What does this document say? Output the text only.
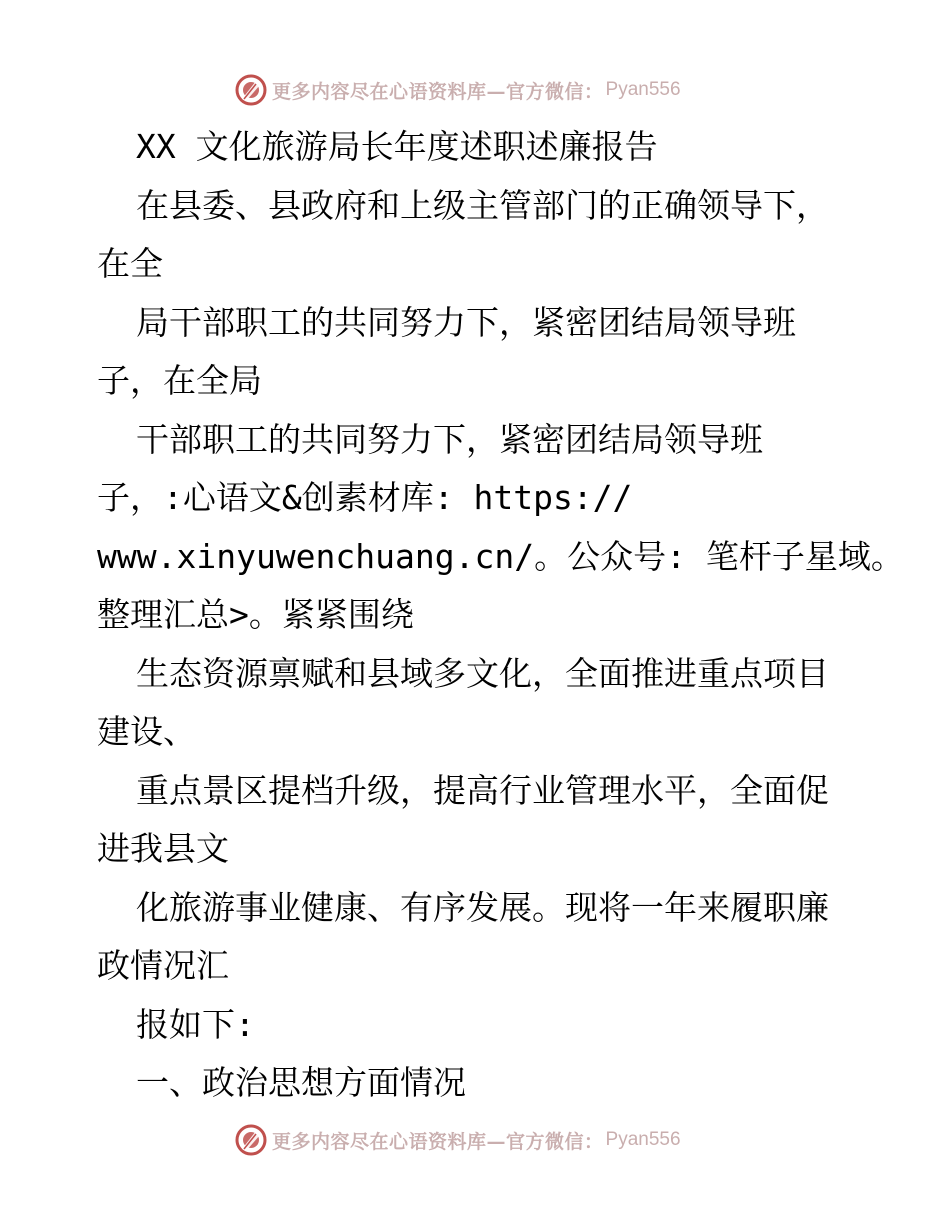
更多内容尽在心语资料库—官方微信： Pyan556
XX 文化旅游局长年度述职述廉报告
在县委、县政府和上级主管部门的正确领导下，
在全
局干部职工的共同努力下，紧密团结局领导班
子，在全局
干部职工的共同努力下，紧密团结局领导班
子，:心语文&创素材库: https://
www.xinyuwenchuang.cn/。公众号: 笔杆子星域。
整理汇总>。紧紧围绕
生态资源禀赋和县域多文化，全面推进重点项目
建设、
重点景区提档升级，提高行业管理水平，全面促
进我县文
化旅游事业健康、有序发展。现将一年来履职廉
政情况汇
报如下:
一、政治思想方面情况
更多内容尽在心语资料库—官方微信： Pyan556
